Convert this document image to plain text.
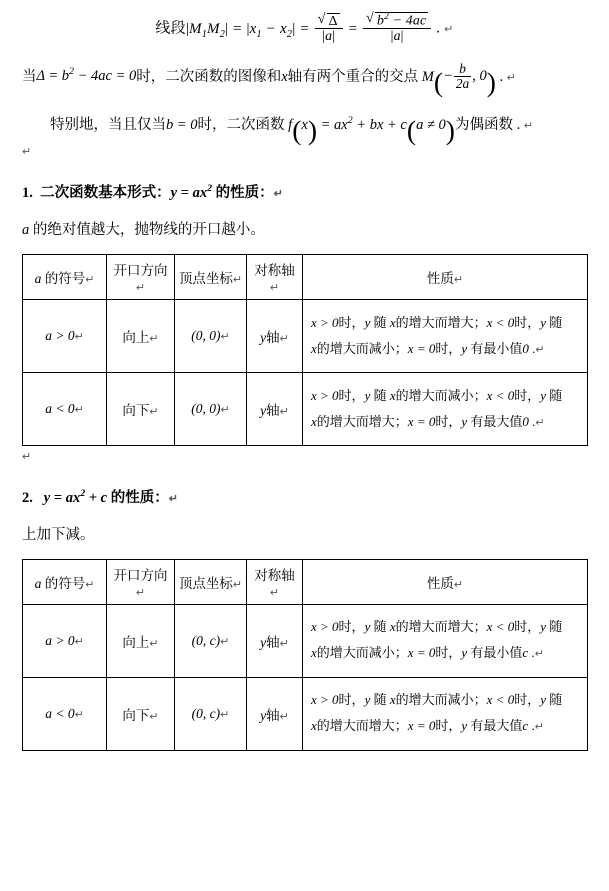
线段$|M_1M_2| = |x_1 - x_2|$ = √ $\frac{\Delta}{|a|}$ = √ $\frac{b^2 - 4ac}{|a|}$ . ↵
当$\Delta = b^2 - 4ac = 0$时，二次函数的图像和x轴有两个重合的交点 $M(- \frac{b}{2a}$ , 0) . ↵
特别地，当且仅当b = 0时，二次函数 $f(x) = ax^2$ + bx + c(a ≠ 0)为偶函数 . ↵
↵
1.  二次函数基本形式：$y = ax^2$ 的性质：↵
a 的绝对值越大，抛物线的开口越小。
a 的符号↵	开口方向↵	顶点坐标↵	对称轴↵	性质↵
a > 0↵	向上↵	(0, 0)↵	y轴↵	x > 0时，y 随 x的增大而增大；x < 0时，y 随
x的增大而减小；x = 0时，y 有最小值0 .↵

a < 0↵	向下↵	(0, 0)↵	y轴↵	x > 0时，y 随 x的增大而减小；x < 0时，y 随
x的增大而增大；x = 0时，y 有最大值0 .↵
↵
2. $y = ax^2 + c$ 的性质：↵
上加下减。
a 的符号↵	开口方向↵	顶点坐标↵	对称轴↵	性质↵
a > 0↵	向上↵	(0, c)↵	y轴↵	x > 0时，y 随 x的增大而增大；x < 0时，y 随
x的增大而减小；x = 0时，y 有最小值c .↵

a < 0↵	向下↵	(0, c)↵	y轴↵	x > 0时，y 随 x的增大而减小；x < 0时，y 随
x的增大而增大；x = 0时，y 有最大值c .↵
